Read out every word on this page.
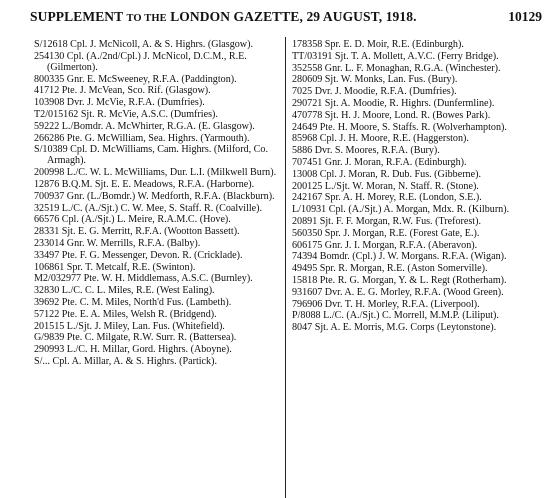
SUPPLEMENT TO THE LONDON GAZETTE, 29 AUGUST, 1918.	10129
S/12618 Cpl. J. McNicoll, A. & S. Highrs. (Glasgow).
254130 Cpl. (A./2nd/Cpl.) J. McNicol, D.C.M., R.E. (Gilmerton).
800335 Gnr. E. McSweeney, R.F.A. (Paddington).
41712 Pte. J. McVean, Sco. Rif. (Glasgow).
103908 Dvr. J. McVie, R.F.A. (Dumfries).
T2/015162 Sjt. R. McVie, A.S.C. (Dumfries).
59222 L./Bomdr. A. McWhirter, R.G.A. (E. Glasgow).
266286 Pte. G. McWilliam, Sea. Highrs. (Yarmouth).
S/10389 Cpl. D. McWilliams, Cam. Highrs. (Milford, Co. Armagh).
200998 L./C. W. L. McWilliams, Dur. L.I. (Milkwell Burn).
12876 B.Q.M. Sjt. E. E. Meadows, R.F.A. (Harborne).
700937 Gnr. (L./Bomdr.) W. Medforth, R.F.A. (Blackburn).
32519 L./C. (A./Sjt.) C. W. Mee, S. Staff. R. (Coalville).
66576 Cpl. (A./Sjt.) L. Meire, R.A.M.C. (Hove).
28331 Sjt. E. G. Merritt, R.F.A. (Wootton Bassett).
233014 Gnr. W. Merrills, R.F.A. (Balby).
33497 Pte. F. G. Messenger, Devon. R. (Cricklade).
106861 Spr. T. Metcalf, R.E. (Swinton).
M2/032977 Pte. W. H. Middlemass, A.S.C. (Burnley).
32830 L./C. C. L. Miles, R.E. (West Ealing).
39692 Pte. C. M. Miles, North'd Fus. (Lambeth).
57122 Pte. E. A. Miles, Welsh R. (Bridgend).
201515 L./Sjt. J. Miley, Lan. Fus. (Whitefield).
G/9839 Pte. C. Milgate, R.W. Surr. R. (Battersea).
290993 L./C. H. Millar, Gord. Highrs. (Aboyne).
S/... Cpl. A. Millar, A. & S. Highrs. (Partick).
178358 Spr. E. D. Moir, R.E. (Edinburgh).
TT/03191 Sjt. T. A. Mollett, A.V.C. (Ferry Bridge).
352558 Gnr. L. F. Monaghan, R.G.A. (Winchester).
280609 Sjt. W. Monks, Lan. Fus. (Bury).
7025 Dvr. J. Moodie, R.F.A. (Dumfries).
290721 Sjt. A. Moodie, R. Highrs. (Dunfermline).
470778 Sjt. H. J. Moore, Lond. R. (Bowes Park).
24649 Pte. H. Moore, S. Staffs. R. (Wolverhampton).
85968 Cpl. J. H. Moore, R.E. (Haggerston).
5886 Dvr. S. Moores, R.F.A. (Bury).
707451 Gnr. J. Moran, R.F.A. (Edinburgh).
13008 Cpl. J. Moran, R. Dub. Fus. (Gibberne).
200125 L./Sjt. W. Moran, N. Staff. R. (Stone).
242167 Spr. A. H. Morey, R.E. (London, S.E.).
L/10931 Cpl. (A./Sjt.) A. Morgan, Mdx. R. (Kilburn).
20891 Sjt. F. F. Morgan, R.W. Fus. (Treforest).
560350 Spr. J. Morgan, R.E. (Forest Gate, E.).
606175 Gnr. J. I. Morgan, R.F.A. (Aberavon).
74394 Bomdr. (Cpl.) J. W. Morgans. R.F.A. (Wigan).
49495 Spr. R. Morgan, R.E. (Aston Somerville).
15818 Pte. R. G. Morgan, Y. & L. Regt (Rotherham).
931607 Dvr. A. E. G. Morley, R.F.A. (Wood Green).
796906 Dvr. T. H. Morley, R.F.A. (Liverpool).
P/8088 L./C. (A./Sjt.) C. Morrell, M.M.P. (Liliput).
8047 Sjt. A. E. Morris, M.G. Corps (Leytonstone).
